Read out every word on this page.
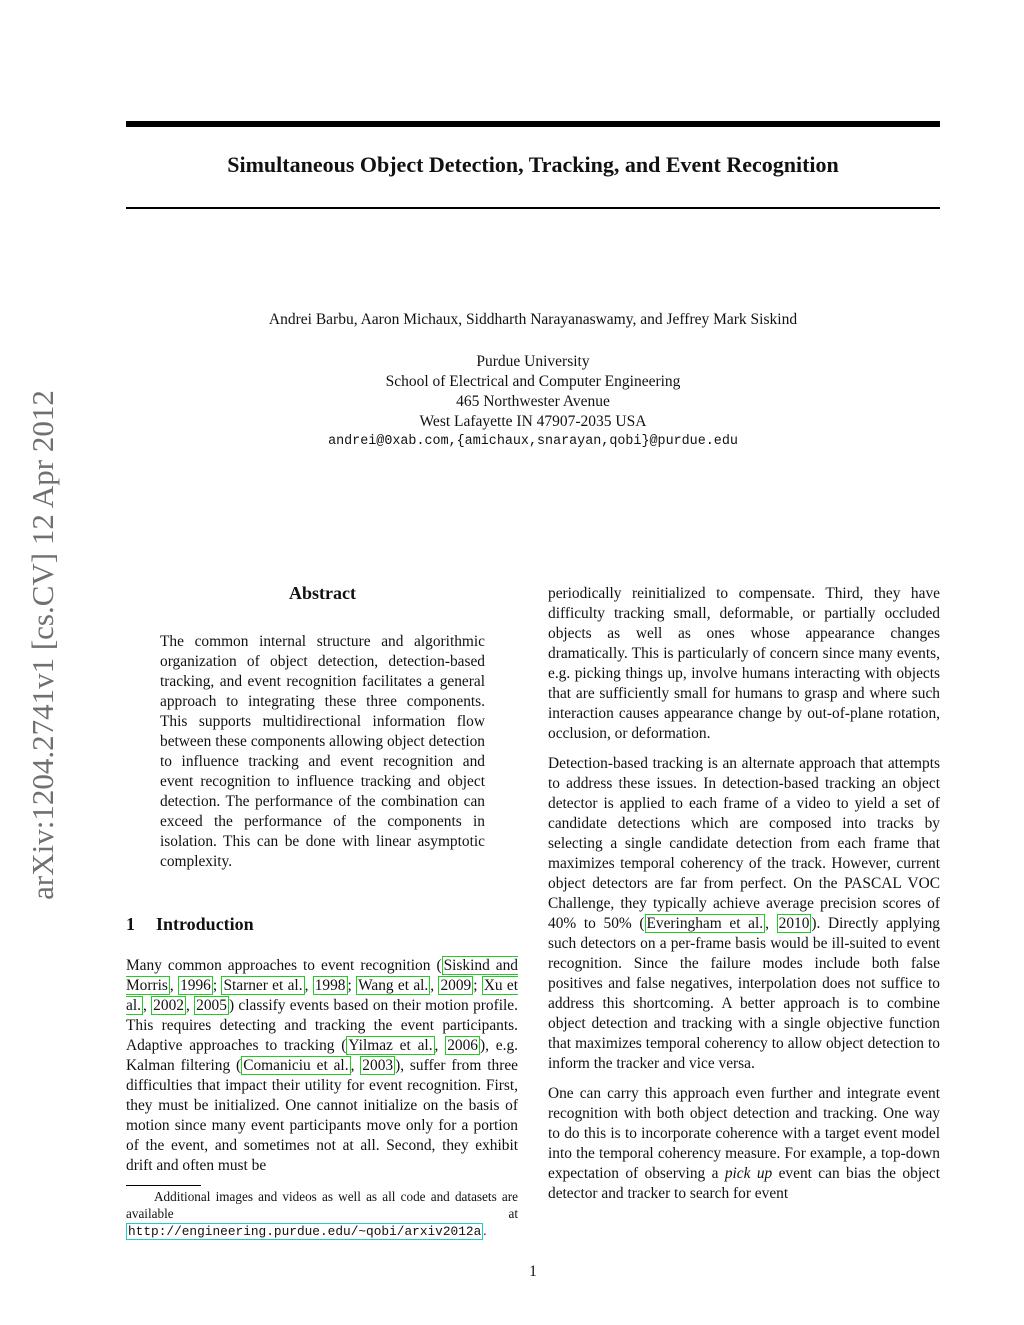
Simultaneous Object Detection, Tracking, and Event Recognition
arXiv:1204.2741v1 [cs.CV] 12 Apr 2012
Andrei Barbu, Aaron Michaux, Siddharth Narayanaswamy, and Jeffrey Mark Siskind
Purdue University
School of Electrical and Computer Engineering
465 Northwester Avenue
West Lafayette IN 47907-2035 USA
andrei@0xab.com,{amichaux,snarayan,qobi}@purdue.edu
Abstract

The common internal structure and algorithmic organization of object detection, detection-based tracking, and event recognition facilitates a general approach to integrating these three components. This supports multidirectional information flow between these components allowing object detection to influence tracking and event recognition and event recognition to influence tracking and object detection. The performance of the combination can exceed the performance of the components in isolation. This can be done with linear asymptotic complexity.

1 Introduction

Many common approaches to event recognition ( Siskind and Morris , 1996 ; Starner et al. , 1998 ; Wang et al. , 2009 ; Xu et al. , 2002 , 2005 ) classify events based on their motion profile. This requires detecting and tracking the event participants. Adaptive approaches to tracking ( Yilmaz et al. , 2006 ), e.g. Kalman filtering ( Comaniciu et al. , 2003 ), suffer from three difficulties that impact their utility for event recognition. First, they must be initialized. One cannot initialize on the basis of motion since many event participants move only for a portion of the event, and sometimes not at all. Second, they exhibit drift and often must be

Additional images and videos as well as all code and datasets are available at http://engineering.purdue.edu/~qobi/arxiv2012a .

periodically reinitialized to compensate. Third, they have difficulty tracking small, deformable, or partially occluded objects as well as ones whose appearance changes dramatically. This is particularly of concern since many events, e.g. picking things up, involve humans interacting with objects that are sufficiently small for humans to grasp and where such interaction causes appearance change by out-of-plane rotation, occlusion, or deformation.

Detection-based tracking is an alternate approach that attempts to address these issues. In detection-based tracking an object detector is applied to each frame of a video to yield a set of candidate detections which are composed into tracks by selecting a single candidate detection from each frame that maximizes temporal coherency of the track. However, current object detectors are far from perfect. On the PASCAL VOC Challenge, they typically achieve average precision scores of 40% to 50% ( Everingham et al. , 2010 ). Directly applying such detectors on a per-frame basis would be ill-suited to event recognition. Since the failure modes include both false positives and false negatives, interpolation does not suffice to address this shortcoming. A better approach is to combine object detection and tracking with a single objective function that maximizes temporal coherency to allow object detection to inform the tracker and vice versa.

One can carry this approach even further and integrate event recognition with both object detection and tracking. One way to do this is to incorporate coherence with a target event model into the temporal coherency measure. For example, a top-down expectation of observing a pick up event can bias the object detector and tracker to search for event

1
